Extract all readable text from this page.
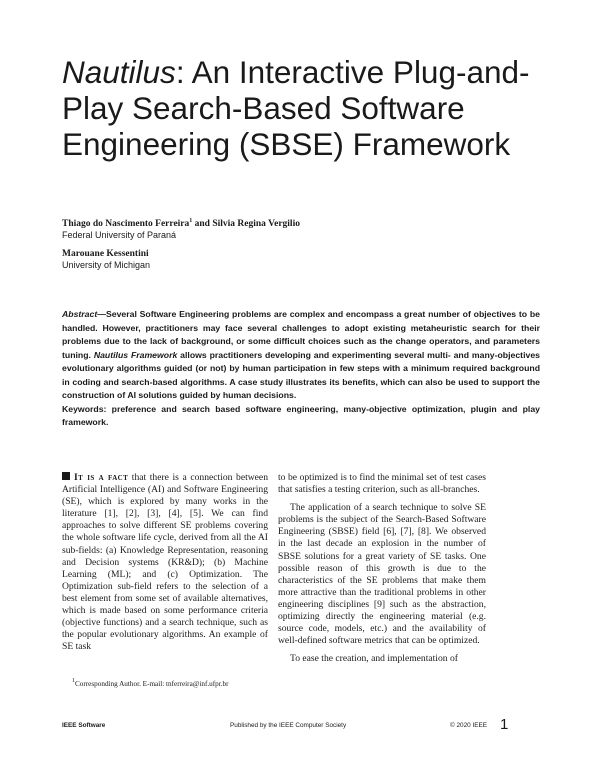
Nautilus: An Interactive Plug-and-Play Search-Based Software Engineering (SBSE) Framework
Thiago do Nascimento Ferreira$^1$ and Silvia Regina Vergilio
Federal University of Paraná
Marouane Kessentini
University of Michigan
Abstract—Several Software Engineering problems are complex and encompass a great number of objectives to be handled. However, practitioners may face several challenges to adopt existing metaheuristic search for their problems due to the lack of background, or some difficult choices such as the change operators, and parameters tuning. Nautilus Framework allows practitioners developing and experimenting several multi- and many-objectives evolutionary algorithms guided (or not) by human participation in few steps with a minimum required background in coding and search-based algorithms. A case study illustrates its benefits, which can also be used to support the construction of AI solutions guided by human decisions.
Keywords: preference and search based software engineering, many-objective optimization, plugin and play framework.

It is a fact that there is a connection between Artificial Intelligence (AI) and Software Engineering (SE), which is explored by many works in the literature [1], [2], [3], [4], [5]. We can find approaches to solve different SE problems covering the whole software life cycle, derived from all the AI sub-fields: (a) Knowledge Representation, reasoning and Decision systems (KR&D); (b) Machine Learning (ML); and (c) Optimization. The Optimization sub-field refers to the selection of a best element from some set of available alternatives, which is made based on some performance criteria (objective functions) and a search technique, such as the popular evolutionary algorithms. An example of SE task

$^1$Corresponding Author. E-mail: tnferreira@inf.ufpr.br

to be optimized is to find the minimal set of test cases that satisfies a testing criterion, such as all-branches.

The application of a search technique to solve SE problems is the subject of the Search-Based Software Engineering (SBSE) field [6], [7], [8]. We observed in the last decade an explosion in the number of SBSE solutions for a great variety of SE tasks. One possible reason of this growth is due to the characteristics of the SE problems that make them more attractive than the traditional problems in other engineering disciplines [9] such as the abstraction, optimizing directly the engineering material (e.g. source code, models, etc.) and the availability of well-defined software metrics that can be optimized.

To ease the creation, and implementation of

IEEE Software	Published by the IEEE Computer Society	© 2020 IEEE 1
